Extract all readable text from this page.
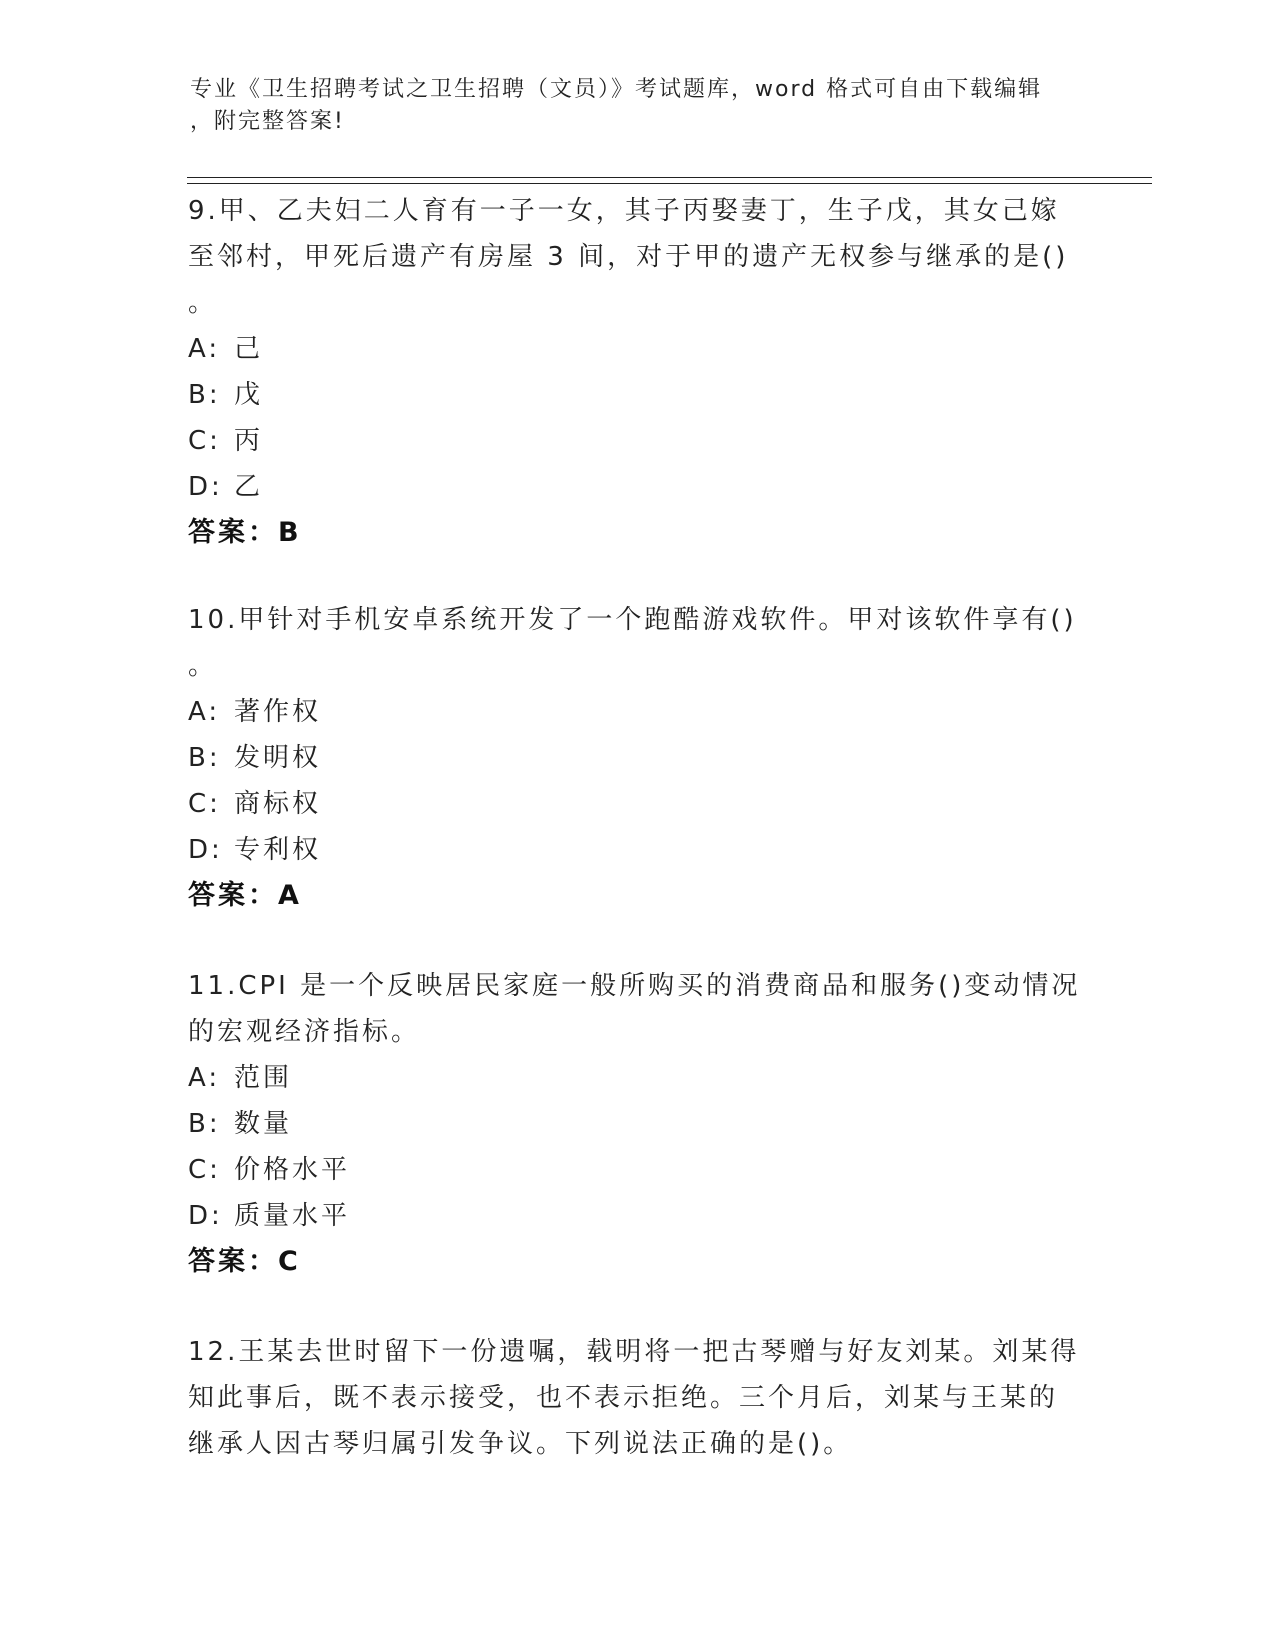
专业《卫生招聘考试之卫生招聘（文员）》考试题库，word 格式可自由下载编辑
，附完整答案!
9.甲、乙夫妇二人育有一子一女，其子丙娶妻丁，生子戊，其女己嫁
至邻村，甲死后遗产有房屋 3 间，对于甲的遗产无权参与继承的是()
。
A: 己
B: 戊
C: 丙
D: 乙
答案：B
10.甲针对手机安卓系统开发了一个跑酷游戏软件。甲对该软件享有()
。
A: 著作权
B: 发明权
C: 商标权
D: 专利权
答案：A
11.CPI 是一个反映居民家庭一般所购买的消费商品和服务()变动情况
的宏观经济指标。
A: 范围
B: 数量
C: 价格水平
D: 质量水平
答案：C
12.王某去世时留下一份遗嘱，载明将一把古琴赠与好友刘某。刘某得
知此事后，既不表示接受，也不表示拒绝。三个月后，刘某与王某的
继承人因古琴归属引发争议。下列说法正确的是()。
